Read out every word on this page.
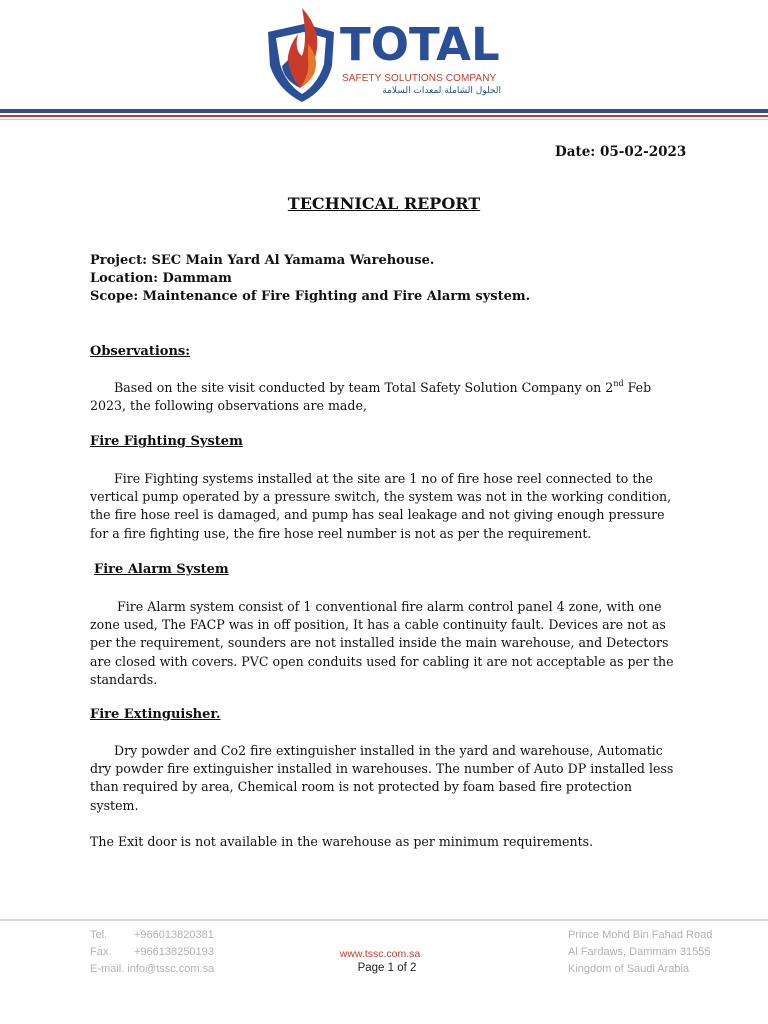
TOTAL
SAFETY SOLUTIONS COMPANY
الحلول الشاملة لمعدات السلامة
Date: 05-02-2023
TECHNICAL REPORT

Project: SEC Main Yard Al Yamama Warehouse.

Location: Dammam

Scope: Maintenance of Fire Fighting and Fire Alarm system.

Observations:

Based on the site visit conducted by team Total Safety Solution Company on 2nd Feb

2023, the following observations are made,

Fire Fighting System

Fire Fighting systems installed at the site are 1 no of fire hose reel connected to the

vertical pump operated by a pressure switch, the system was not in the working condition,

the fire hose reel is damaged, and pump has seal leakage and not giving enough pressure

for a fire fighting use, the fire hose reel number is not as per the requirement.

Fire Alarm System

Fire Alarm system consist of 1 conventional fire alarm control panel 4 zone, with one

zone used, The FACP was in off position, It has a cable continuity fault. Devices are not as

per the requirement, sounders are not installed inside the main warehouse, and Detectors

are closed with covers. PVC open conduits used for cabling it are not acceptable as per the

standards.

Fire Extinguisher.

Dry powder and Co2 fire extinguisher installed in the yard and warehouse, Automatic

dry powder fire extinguisher installed in warehouses. The number of Auto DP installed less

than required by area, Chemical room is not protected by foam based fire protection

system.

The Exit door is not available in the warehouse as per minimum requirements.

Tel.
Fax.
+966013820381
+966138250193
E-mail. info@tssc.com.sa
www.tssc.com.sa
Page 1 of 2
Prince Mohd Bin Fahad Road
Al Fardaws, Dammam 31555
Kingdom of Saudi Arabia
